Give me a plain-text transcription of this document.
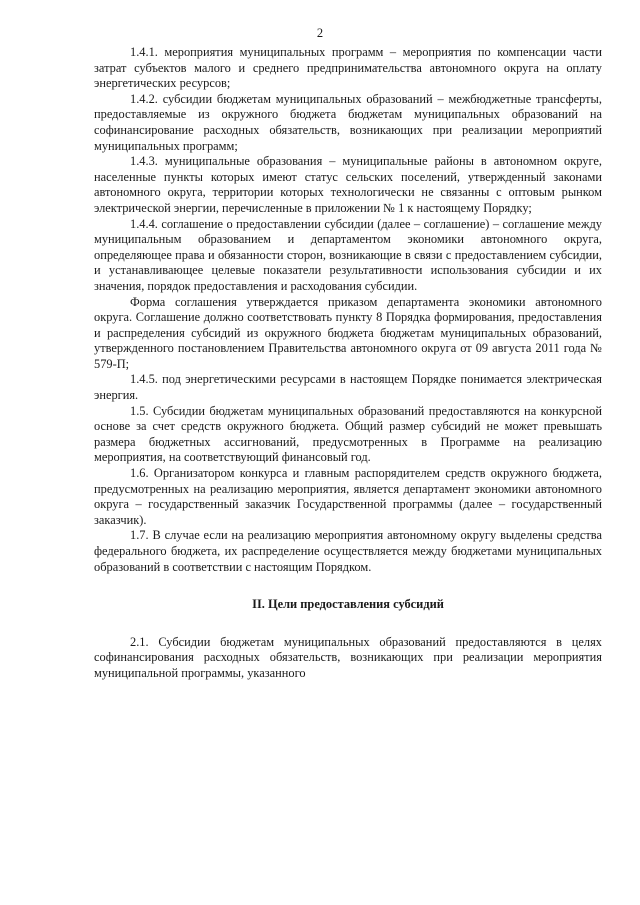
2

1.4.1. мероприятия муниципальных программ – мероприятия по компенсации части затрат субъектов малого и среднего предпринимательства автономного округа на оплату энергетических ресурсов;

1.4.2. субсидии бюджетам муниципальных образований – межбюджетные трансферты, предоставляемые из окружного бюджета бюджетам муниципальных образований на софинансирование расходных обязательств, возникающих при реализации мероприятий муниципальных программ;

1.4.3. муниципальные образования – муниципальные районы в автономном округе, населенные пункты которых имеют статус сельских поселений, утвержденный законами автономного округа, территории которых технологически не связанны с оптовым рынком электрической энергии, перечисленные в приложении № 1 к настоящему Порядку;

1.4.4. соглашение о предоставлении субсидии (далее – соглашение) – соглашение между муниципальным образованием и департаментом экономики автономного округа, определяющее права и обязанности сторон, возникающие в связи с предоставлением субсидии, и устанавливающее целевые показатели результативности использования субсидии и их значения, порядок предоставления и расходования субсидии.

Форма соглашения утверждается приказом департамента экономики автономного округа. Соглашение должно соответствовать пункту 8 Порядка формирования, предоставления и распределения субсидий из окружного бюджета бюджетам муниципальных образований, утвержденного постановлением Правительства автономного округа от 09 августа 2011 года № 579-П;

1.4.5. под энергетическими ресурсами в настоящем Порядке понимается электрическая энергия.

1.5. Субсидии бюджетам муниципальных образований предоставляются на конкурсной основе за счет средств окружного бюджета. Общий размер субсидий не может превышать размера бюджетных ассигнований, предусмотренных в Программе на реализацию мероприятия, на соответствующий финансовый год.

1.6. Организатором конкурса и главным распорядителем средств окружного бюджета, предусмотренных на реализацию мероприятия, является департамент экономики автономного округа – государственный заказчик Государственной программы (далее – государственный заказчик).

1.7. В случае если на реализацию мероприятия автономному округу выделены средства федерального бюджета, их распределение осуществляется между бюджетами муниципальных образований в соответствии с настоящим Порядком.

II. Цели предоставления субсидий

2.1. Субсидии бюджетам муниципальных образований предоставляются в целях софинансирования расходных обязательств, возникающих при реализации мероприятия муниципальной программы, указанного
